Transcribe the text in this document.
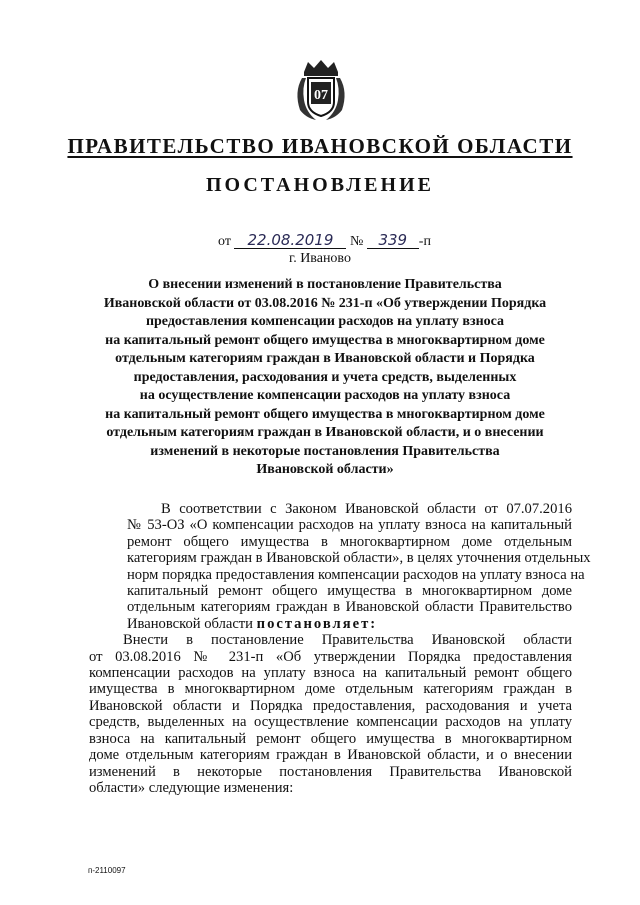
07
ПРАВИТЕЛЬСТВО ИВАНОВСКОЙ ОБЛАСТИ
ПОСТАНОВЛЕНИЕ
от 22.08.2019 № 339 -п
г. Иваново
О внесении изменений в постановление Правительства
Ивановской области от 03.08.2016 № 231-п «Об утверждении Порядка
предоставления компенсации расходов на уплату взноса
на капитальный ремонт общего имущества в многоквартирном доме
отдельным категориям граждан в Ивановской области и Порядка
предоставления, расходования и учета средств, выделенных
на осуществление компенсации расходов на уплату взноса
на капитальный ремонт общего имущества в многоквартирном доме
отдельным категориям граждан в Ивановской области, и о внесении
изменений в некоторые постановления Правительства
Ивановской области»
В соответствии с Законом Ивановской области от 07.07.2016
№ 53-ОЗ «О компенсации расходов на уплату взноса на капитальный
ремонт общего имущества в многоквартирном доме отдельным
категориям граждан в Ивановской области», в целях уточнения отдельных
норм порядка предоставления компенсации расходов на уплату взноса на
капитальный ремонт общего имущества в многоквартирном доме
отдельным категориям граждан в Ивановской области Правительство
Ивановской области постановляет:
Внести в постановление Правительства Ивановской области
от 03.08.2016 № 231-п «Об утверждении Порядка предоставления
компенсации расходов на уплату взноса на капитальный ремонт общего
имущества в многоквартирном доме отдельным категориям граждан в
Ивановской области и Порядка предоставления, расходования и учета
средств, выделенных на осуществление компенсации расходов на уплату
взноса на капитальный ремонт общего имущества в многоквартирном
доме отдельным категориям граждан в Ивановской области, и о внесении
изменений в некоторые постановления Правительства Ивановской
области» следующие изменения:
п-2110097
